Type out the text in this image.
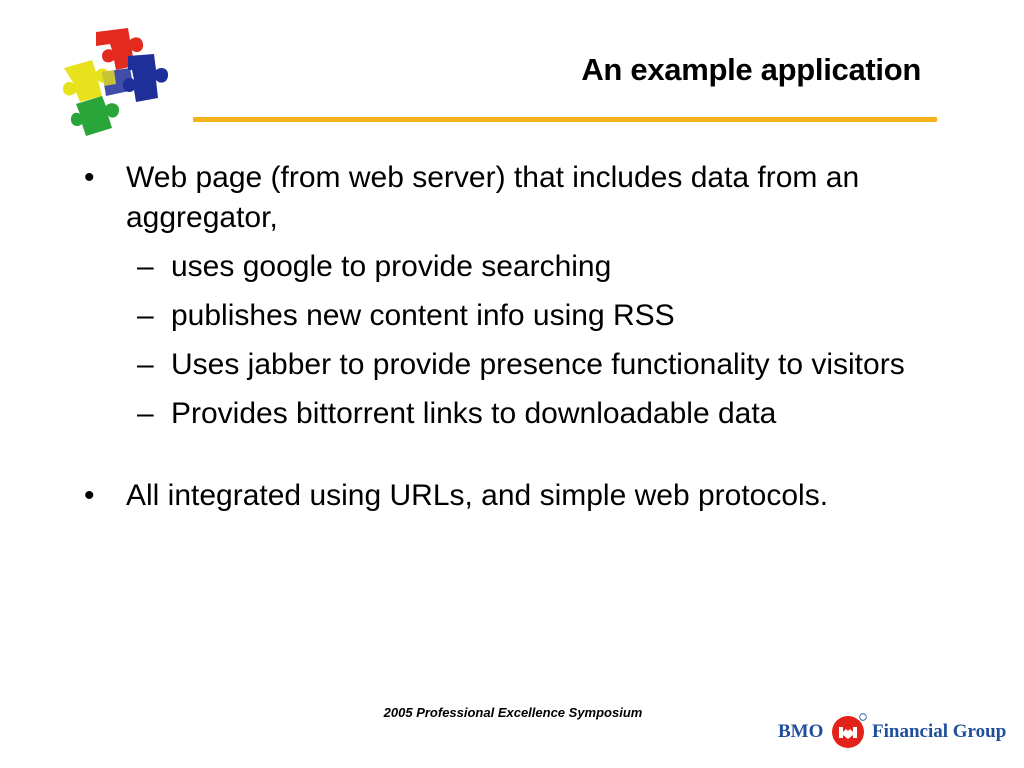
An example application
•	Web page (from web server) that includes data from an aggregator,
– uses google to provide searching
– publishes new content info using RSS
– Uses jabber to provide presence functionality to visitors
– Provides bittorrent links to downloadable data
•	All integrated using URLs, and simple web protocols.
2005 Professional Excellence Symposium
BMO	Financial Group
